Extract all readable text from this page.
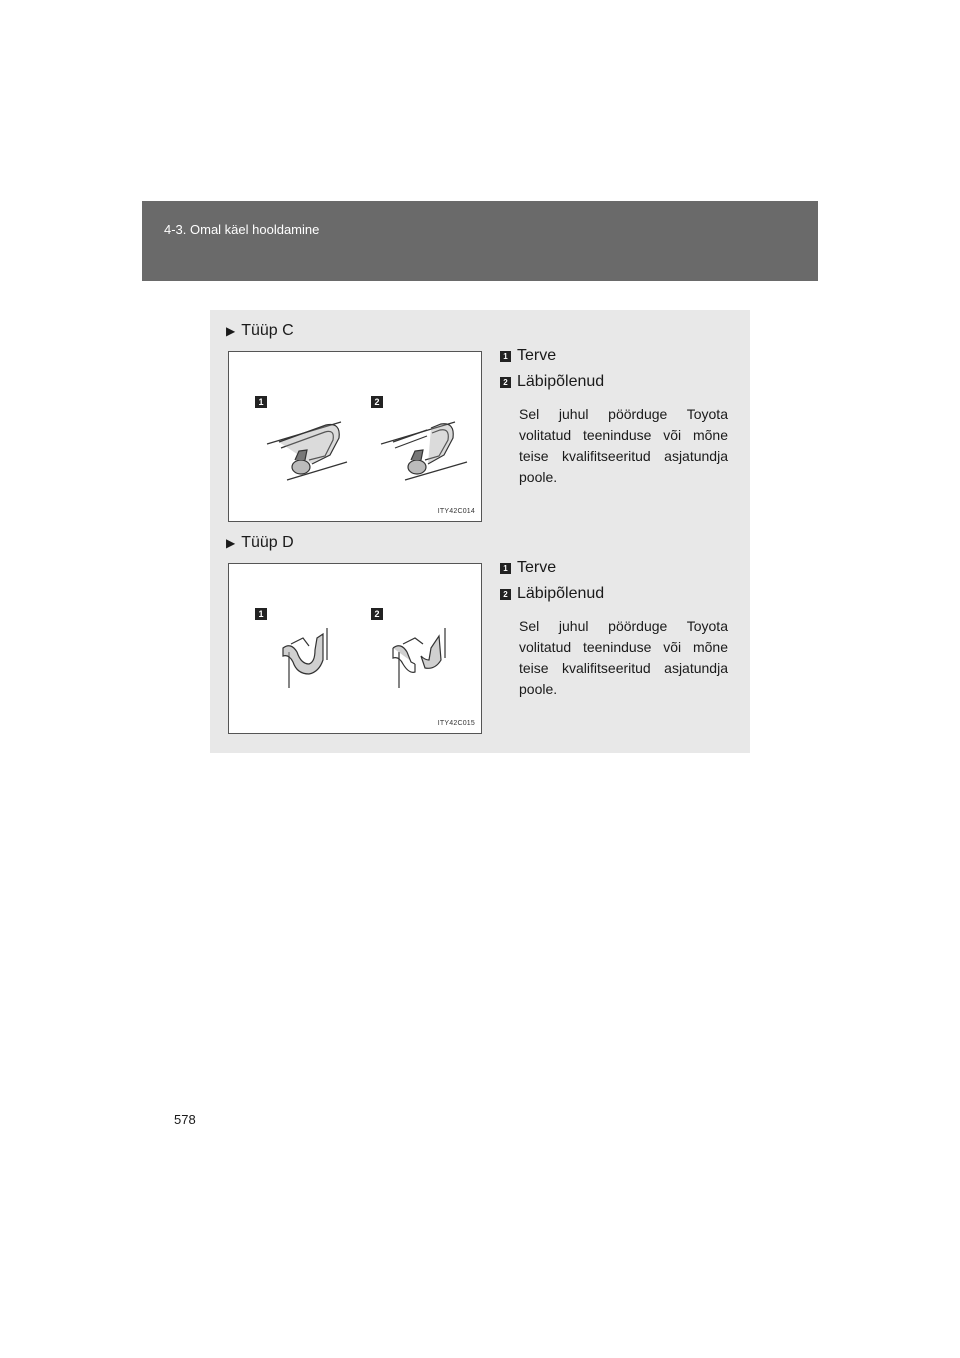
4-3. Omal käel hooldamine
▶ Tüüp C
1	2
ITY42C014
1 Terve
2 Läbipõlenud
Sel juhul pöörduge Toyota volitatud teeninduse või mõne teise kvalifitseeritud asjatundja poole.
▶ Tüüp D
1	2
ITY42C015
1 Terve
2 Läbipõlenud
Sel juhul pöörduge Toyota volitatud teeninduse või mõne teise kvalifitseeritud asjatundja poole.
578
